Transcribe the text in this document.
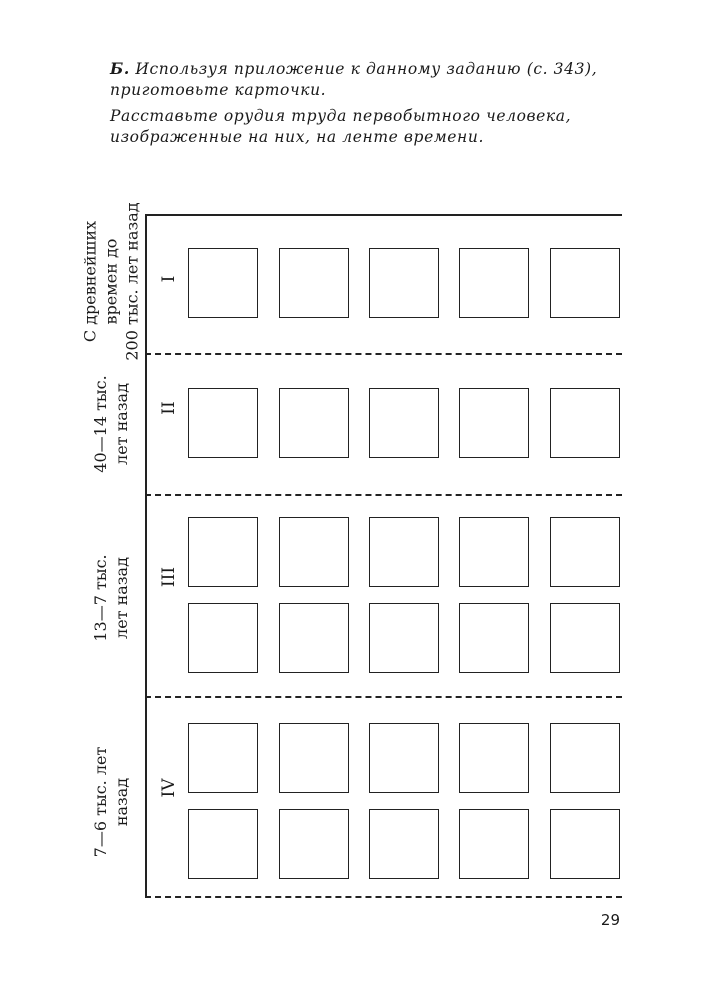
Б. Используя приложение к данному заданию (с. 343), приготовьте карточки.
Расставьте орудия труда первобытного человека, изображенные на них, на ленте времени.
С древнейших времен до 200 тыс. лет назад
40—14 тыс. лет назад
13—7 тыс. лет назад
7—6 тыс. лет назад
I
II
III
IV
29
